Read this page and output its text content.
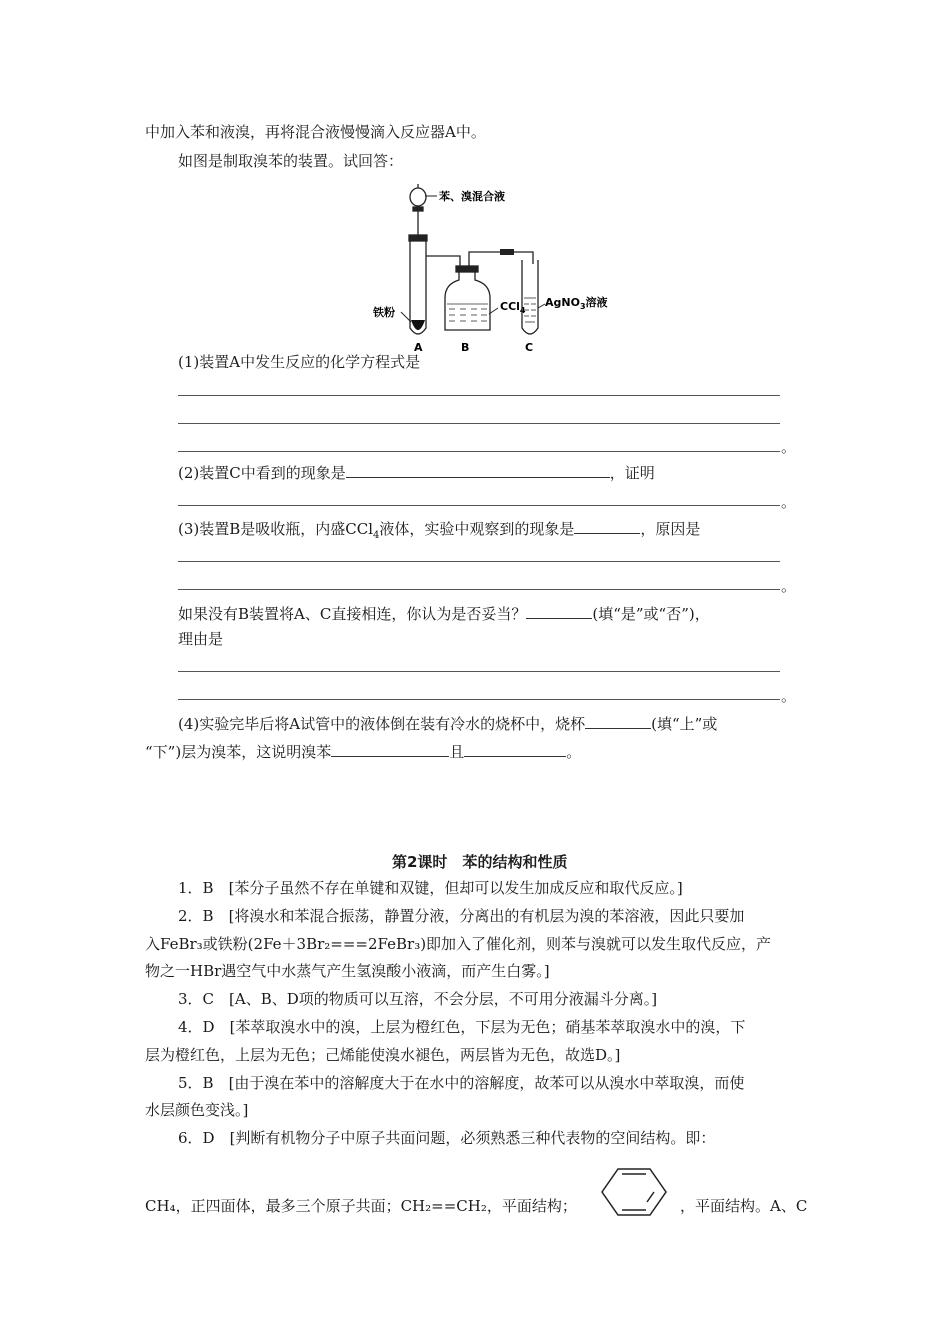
中加入苯和液溴，再将混合液慢慢滴入反应器A中。
如图是制取溴苯的装置。试回答：
苯、溴混合液
铁粉	CCl$_4$
AgNO$_3$溶液
A	B	C
(1)装置A中发生反应的化学方程式是
。
(2)装置C中看到的现象是	，证明
。
(3)装置B是吸收瓶，内盛CCl$_4$液体，实验中观察到的现象是	，原因是
。
如果没有B装置将A、C直接相连，你认为是否妥当？	(填“是”或“否”)，
理由是
。
(4)实验完毕后将A试管中的液体倒在装有冷水的烧杯中，烧杯	(填“上”或
“下”)层为溴苯，这说明溴苯	且	。
第2课时　苯的结构和性质
1．B　[苯分子虽然不存在单键和双键，但却可以发生加成反应和取代反应。]
2．B　[将溴水和苯混合振荡，静置分液，分离出的有机层为溴的苯溶液，因此只要加
入FeBr₃或铁粉(2Fe＋3Br₂===2FeBr₃)即加入了催化剂，则苯与溴就可以发生取代反应，产
物之一HBr遇空气中水蒸气产生氢溴酸小液滴，而产生白雾。]
3．C　[A、B、D项的物质可以互溶，不会分层，不可用分液漏斗分离。]
4．D　[苯萃取溴水中的溴，上层为橙红色，下层为无色；硝基苯萃取溴水中的溴，下
层为橙红色，上层为无色；己烯能使溴水褪色，两层皆为无色，故选D。]
5．B　[由于溴在苯中的溶解度大于在水中的溶解度，故苯可以从溴水中萃取溴，而使
水层颜色变浅。]
6．D　[判断有机物分子中原子共面问题，必须熟悉三种代表物的空间结构。即：
CH₄，正四面体，最多三个原子共面；CH₂==CH₂，平面结构；	，平面结构。A、C
